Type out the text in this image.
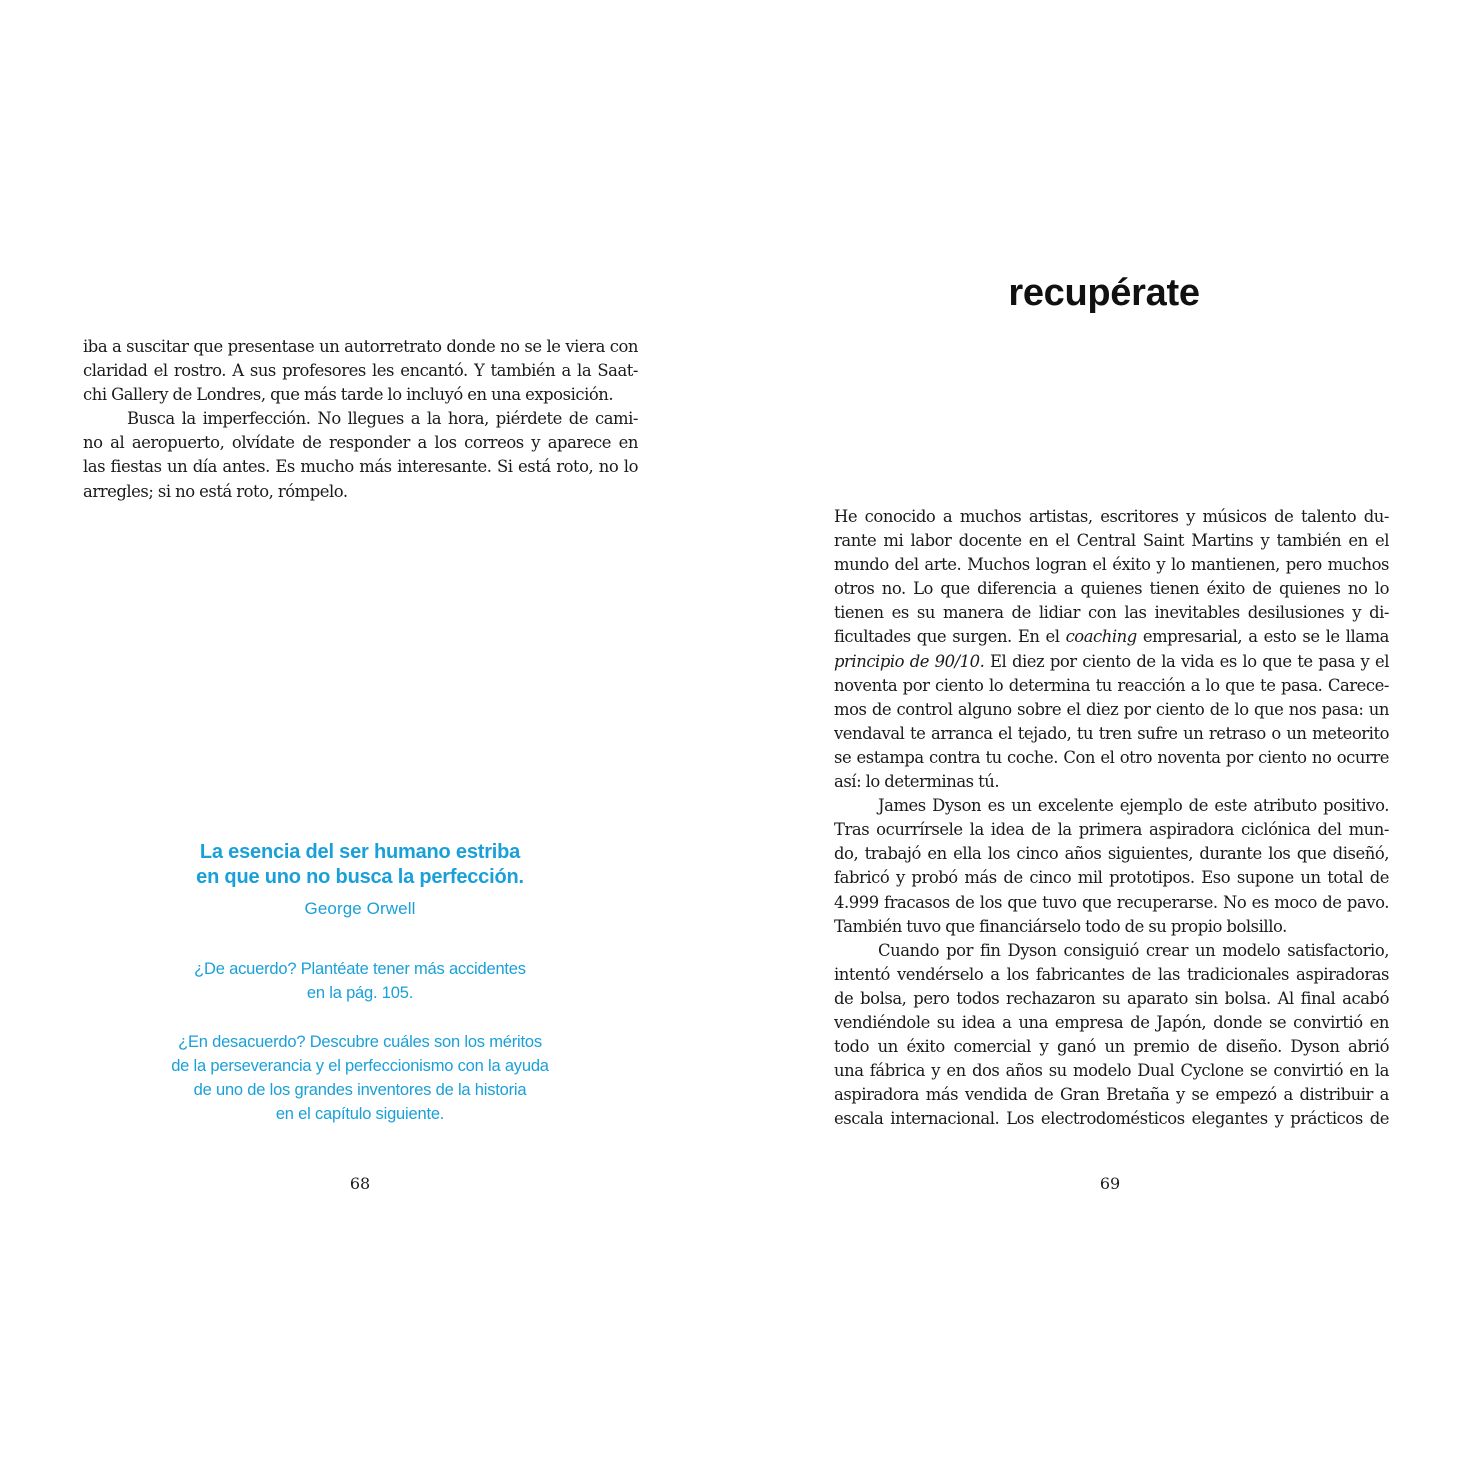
iba a suscitar que presentase un autorretrato donde no se le viera con
claridad el rostro. A sus profesores les encantó. Y también a la Saat-
chi Gallery de Londres, que más tarde lo incluyó en una exposición.
Busca la imperfección. No llegues a la hora, piérdete de cami-
no al aeropuerto, olvídate de responder a los correos y aparece en
las fiestas un día antes. Es mucho más interesante. Si está roto, no lo
arregles; si no está roto, rómpelo.
La esencia del ser humano estriba
en que uno no busca la perfección.
George Orwell
¿De acuerdo? Plantéate tener más accidentes
en la pág. 105.
¿En desacuerdo? Descubre cuáles son los méritos
de la perseverancia y el perfeccionismo con la ayuda
de uno de los grandes inventores de la historia
en el capítulo siguiente.
68
recupérate
He conocido a muchos artistas, escritores y músicos de talento du-
rante mi labor docente en el Central Saint Martins y también en el
mundo del arte. Muchos logran el éxito y lo mantienen, pero muchos
otros no. Lo que diferencia a quienes tienen éxito de quienes no lo
tienen es su manera de lidiar con las inevitables desilusiones y di-
ficultades que surgen. En el coaching empresarial, a esto se le llama
principio de 90/10. El diez por ciento de la vida es lo que te pasa y el
noventa por ciento lo determina tu reacción a lo que te pasa. Carece-
mos de control alguno sobre el diez por ciento de lo que nos pasa: un
vendaval te arranca el tejado, tu tren sufre un retraso o un meteorito
se estampa contra tu coche. Con el otro noventa por ciento no ocurre
así: lo determinas tú.
James Dyson es un excelente ejemplo de este atributo positivo.
Tras ocurrírsele la idea de la primera aspiradora ciclónica del mun-
do, trabajó en ella los cinco años siguientes, durante los que diseñó,
fabricó y probó más de cinco mil prototipos. Eso supone un total de
4.999 fracasos de los que tuvo que recuperarse. No es moco de pavo.
También tuvo que financiárselo todo de su propio bolsillo.
Cuando por fin Dyson consiguió crear un modelo satisfactorio,
intentó vendérselo a los fabricantes de las tradicionales aspiradoras
de bolsa, pero todos rechazaron su aparato sin bolsa. Al final acabó
vendiéndole su idea a una empresa de Japón, donde se convirtió en
todo un éxito comercial y ganó un premio de diseño. Dyson abrió
una fábrica y en dos años su modelo Dual Cyclone se convirtió en la
aspiradora más vendida de Gran Bretaña y se empezó a distribuir a
escala internacional. Los electrodomésticos elegantes y prácticos de
69
